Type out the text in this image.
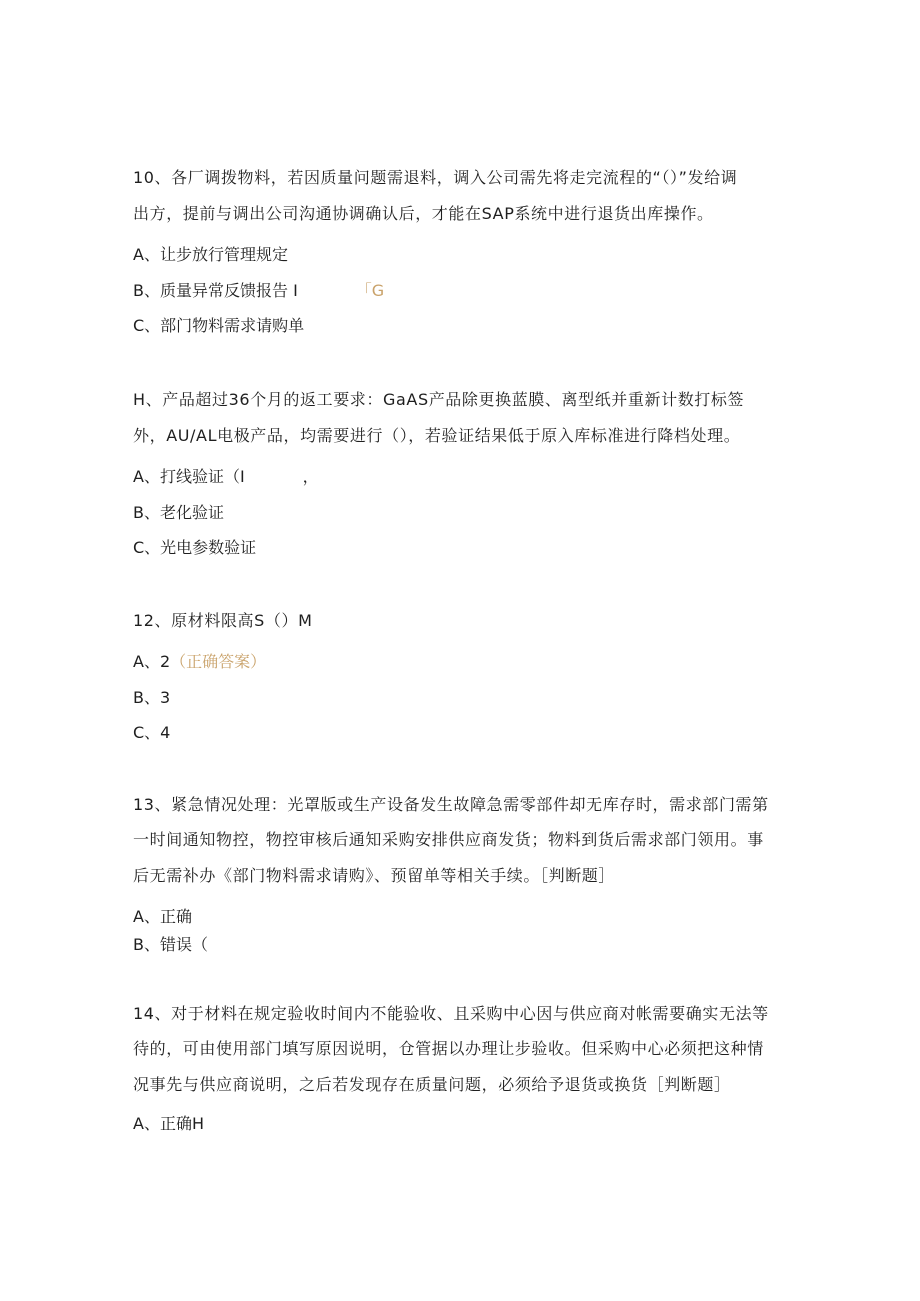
10、各厂调拨物料，若因质量问题需退料，调入公司需先将走完流程的“（）”发给调
出方，提前与调出公司沟通协调确认后，才能在SAP系统中进行退货出库操作。
A、让步放行管理规定
B、质量异常反馈报告 I	「G
C、部门物料需求请购单
H、产品超过36个月的返工要求：GaAS产品除更换蓝膜、离型纸并重新计数打标签
外，AU/AL电极产品，均需要进行（），若验证结果低于原入库标准进行降档处理。
A、打线验证（I	，
B、老化验证
C、光电参数验证
12、原材料限高S（）M
A、2（正确答案）
B、3
C、4
13、紧急情况处理：光罩版或生产设备发生故障急需零部件却无库存时，需求部门需第
一时间通知物控，物控审核后通知采购安排供应商发货；物料到货后需求部门领用。事
后无需补办《部门物料需求请购》、预留单等相关手续。［判断题］
A、正确
B、错误（
14、对于材料在规定验收时间内不能验收、且采购中心因与供应商对帐需要确实无法等
待的，可由使用部门填写原因说明，仓管据以办理让步验收。但采购中心必须把这种情
况事先与供应商说明，之后若发现存在质量问题，必须给予退货或换货［判断题］
A、正确H
